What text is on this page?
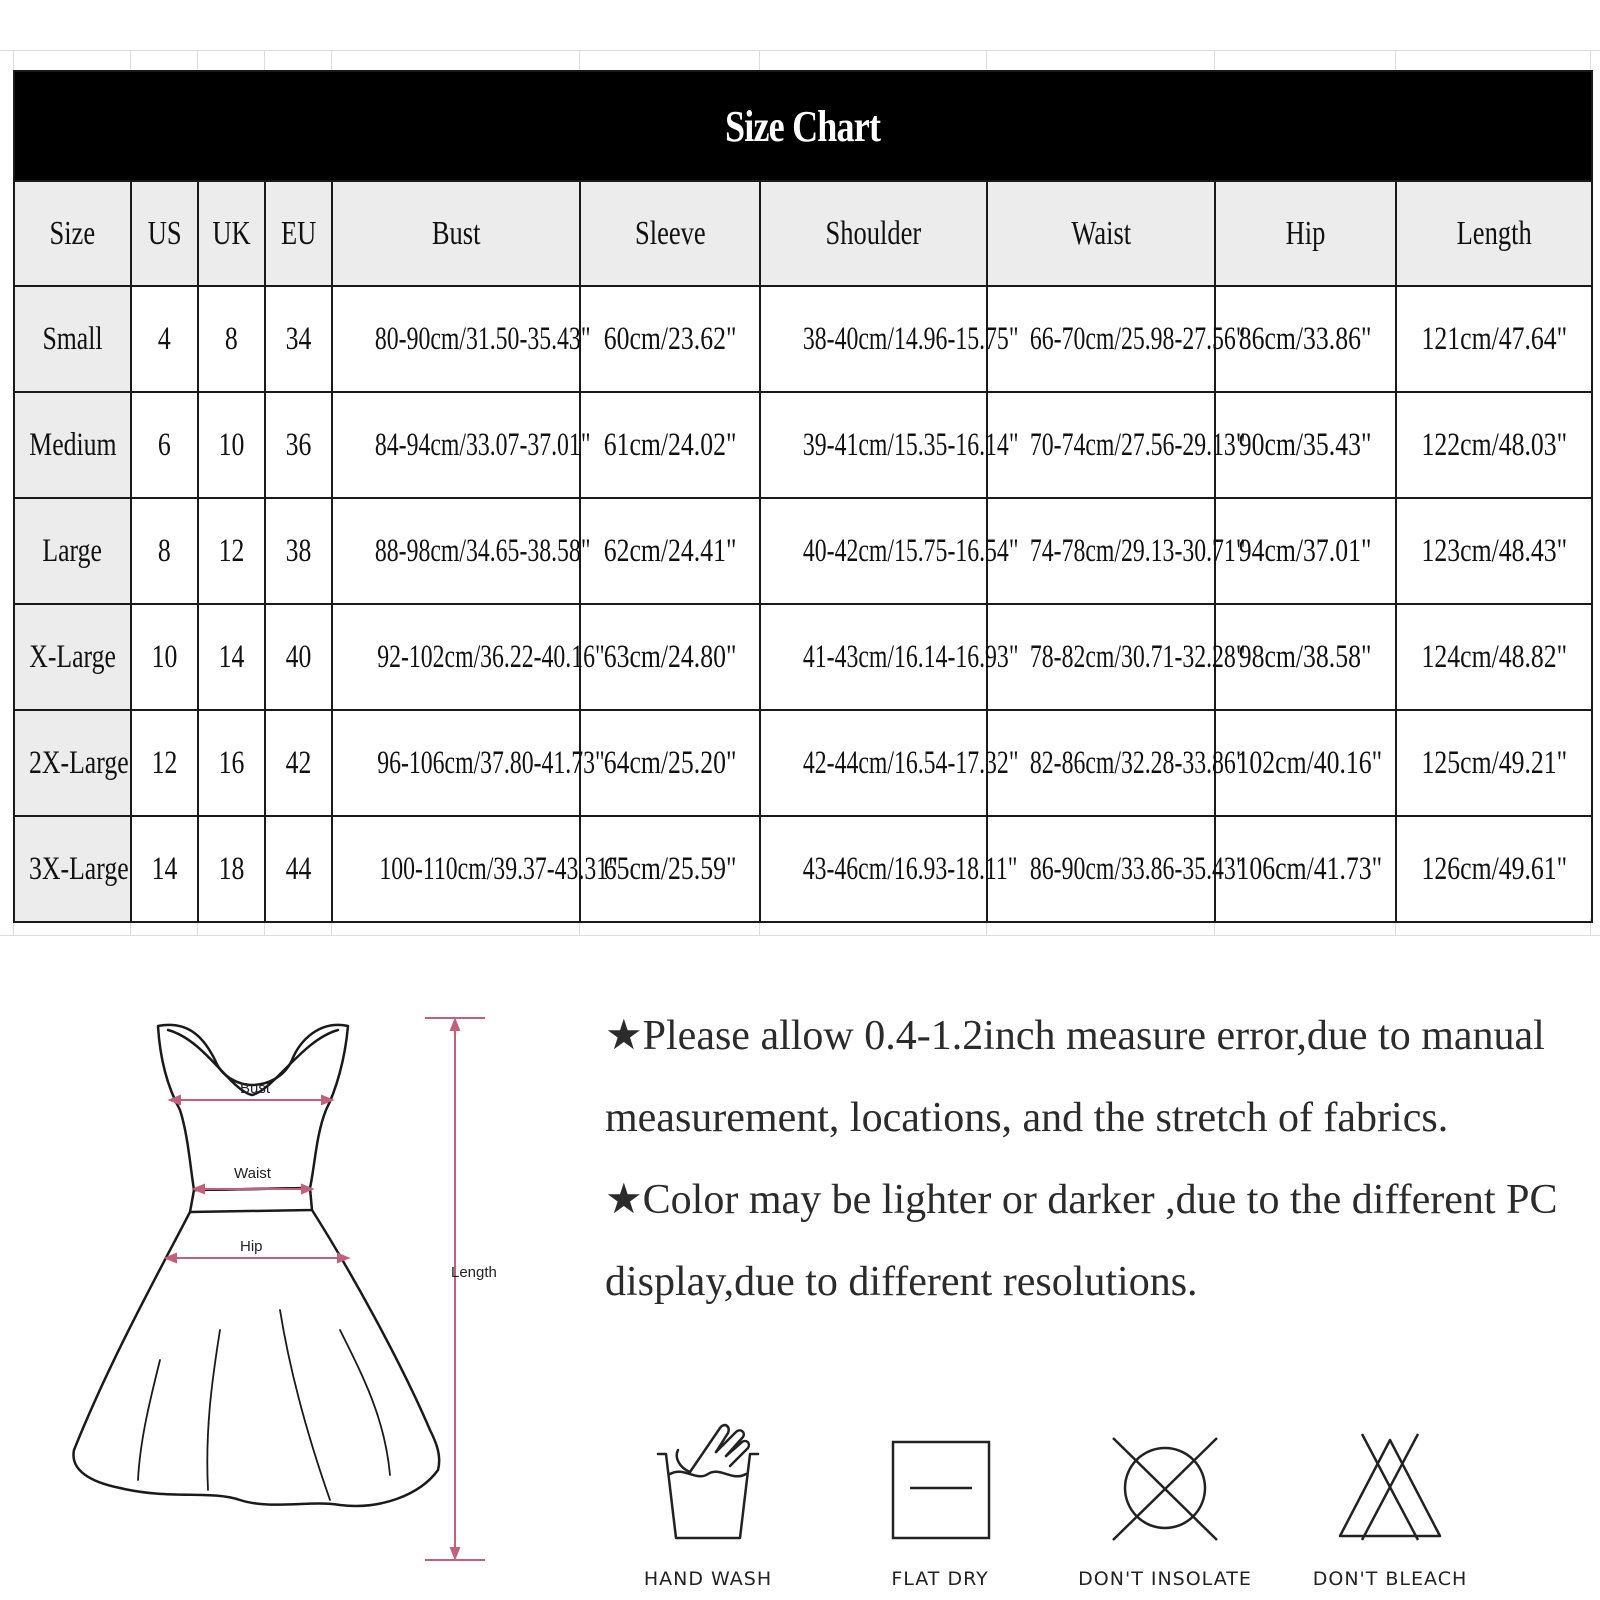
Size Chart									
Size	US	UK	EU	Bust	Sleeve	Shoulder	Waist	Hip	Length
Small	4	8	34	80-90cm/31.50-35.43"	60cm/23.62"	38-40cm/14.96-15.75"	66-70cm/25.98-27.56"	86cm/33.86"	121cm/47.64"
Medium	6	10	36	84-94cm/33.07-37.01"	61cm/24.02"	39-41cm/15.35-16.14"	70-74cm/27.56-29.13"	90cm/35.43"	122cm/48.03"
Large	8	12	38	88-98cm/34.65-38.58"	62cm/24.41"	40-42cm/15.75-16.54"	74-78cm/29.13-30.71"	94cm/37.01"	123cm/48.43"
X-Large	10	14	40	92-102cm/36.22-40.16"	63cm/24.80"	41-43cm/16.14-16.93"	78-82cm/30.71-32.28"	98cm/38.58"	124cm/48.82"
2X-Large	12	16	42	96-106cm/37.80-41.73"	64cm/25.20"	42-44cm/16.54-17.32"	82-86cm/32.28-33.86"	102cm/40.16"	125cm/49.21"
3X-Large	14	18	44	100-110cm/39.37-43.31"	65cm/25.59"	43-46cm/16.93-18.11"	86-90cm/33.86-35.43"	106cm/41.73"	126cm/49.61"
Bust
Waist
Hip
Length

★Please allow 0.4-1.2inch measure error,due to manual measurement, locations, and the stretch of fabrics.

★Color may be lighter or darker ,due to the different PC display,due to different resolutions.

HAND WASH	FLAT DRY	DON'T INSOLATE	DON'T BLEACH
